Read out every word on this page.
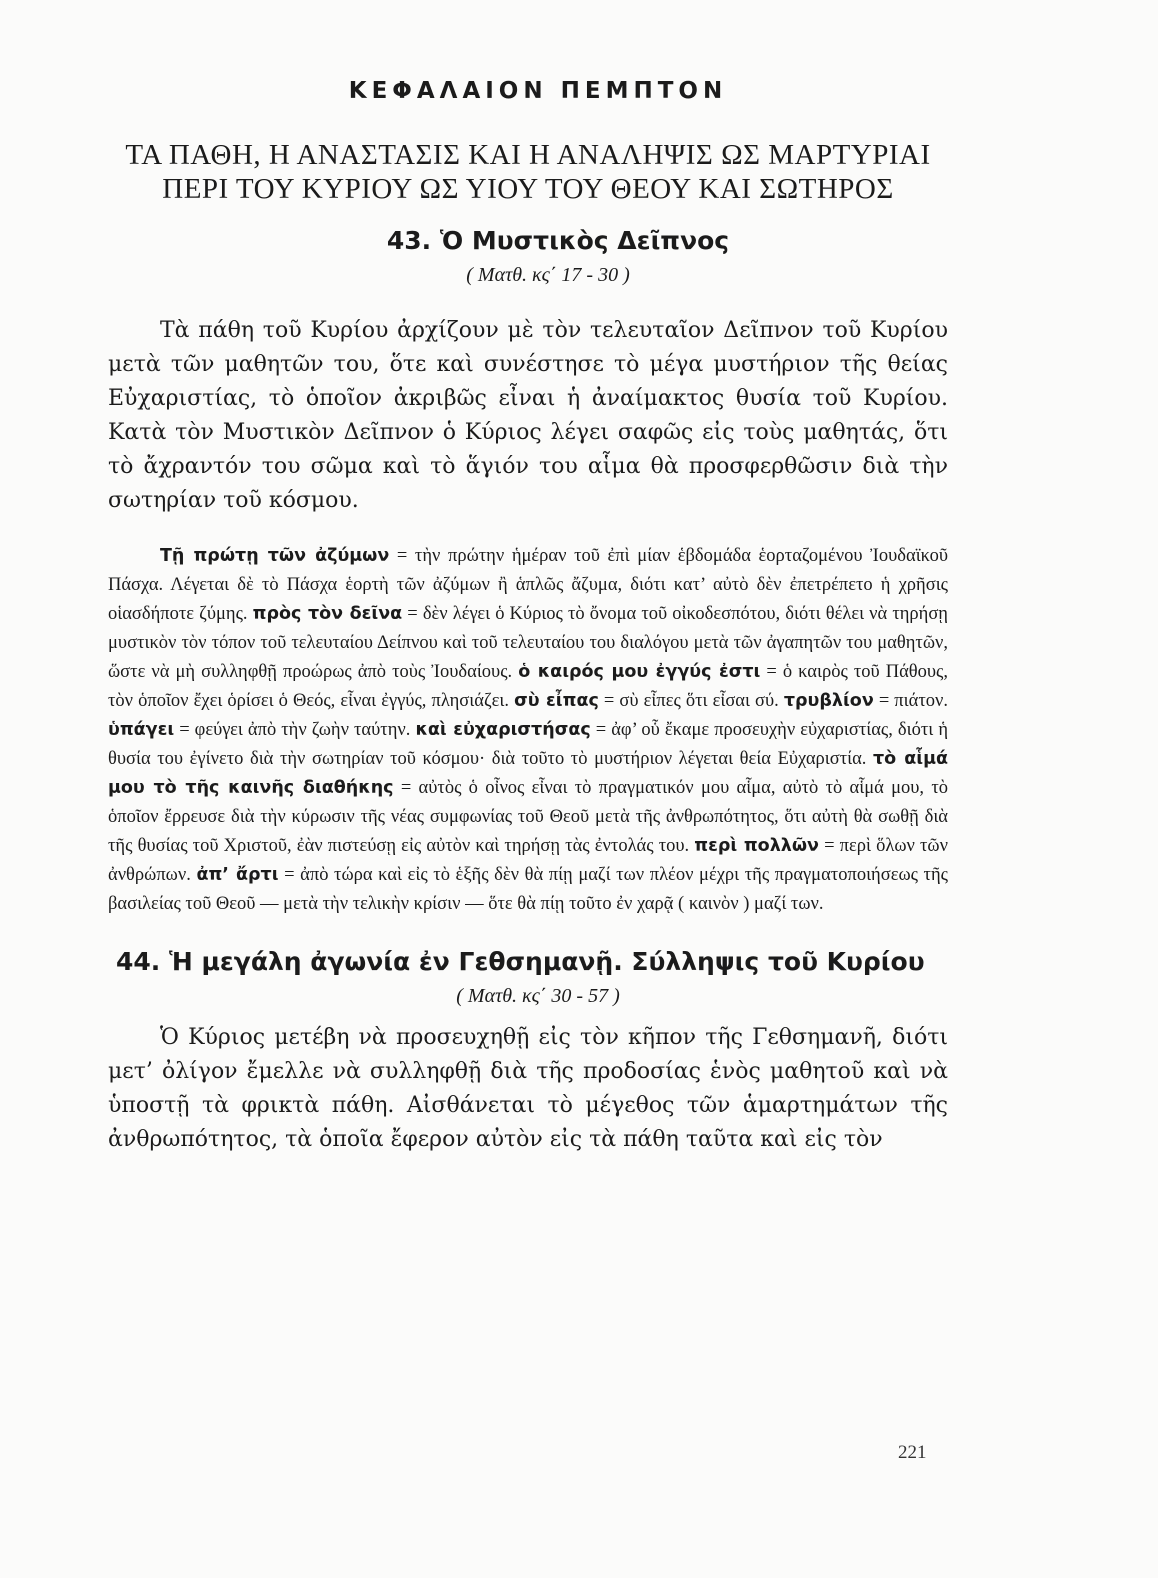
ΚΕΦΑΛΑΙΟΝ ΠΕΜΠΤΟΝ
ΤΑ ΠΑΘΗ, Η ΑΝΑΣΤΑΣΙΣ ΚΑΙ Η ΑΝΑΛΗΨΙΣ ΩΣ ΜΑΡΤΥΡΙΑΙ
ΠΕΡΙ ΤΟΥ ΚΥΡΙΟΥ ΩΣ ΥΙΟΥ ΤΟΥ ΘΕΟΥ ΚΑΙ ΣΩΤΗΡΟΣ
43. Ὁ Μυστικὸς Δεῖπνος
( Ματθ. κς΄ 17 - 30 )

Τὰ πάθη τοῦ Κυρίου ἀρχίζουν μὲ τὸν τελευταῖον Δεῖπνον τοῦ Κυρίου μετὰ τῶν μαθητῶν του, ὅτε καὶ συνέστησε τὸ μέγα μυστήριον τῆς θείας Εὐχαριστίας, τὸ ὁποῖον ἀκριβῶς εἶναι ἡ ἀναίμακτος θυσία τοῦ Κυρίου. Κατὰ τὸν Μυστικὸν Δεῖπνον ὁ Κύριος λέγει σαφῶς εἰς τοὺς μαθητάς, ὅτι τὸ ἄχραντόν του σῶμα καὶ τὸ ἅγιόν του αἷμα θὰ προσφερθῶσιν διὰ τὴν σωτηρίαν τοῦ κόσμου.

Τῇ πρώτῃ τῶν ἀζύμων = τὴν πρώτην ἡμέραν τοῦ ἐπὶ μίαν ἑβδομάδα ἑορταζομένου Ἰουδαϊκοῦ Πάσχα. Λέγεται δὲ τὸ Πάσχα ἑορτὴ τῶν ἀζύμων ἢ ἁπλῶς ἄζυμα, διότι κατ’ αὐτὸ δὲν ἐπετρέπετο ἡ χρῆσις οἱασδήποτε ζύμης. πρὸς τὸν δεῖνα = δὲν λέγει ὁ Κύριος τὸ ὄνομα τοῦ οἰκοδεσπότου, διότι θέλει νὰ τηρήσῃ μυστικὸν τὸν τόπον τοῦ τελευταίου Δείπνου καὶ τοῦ τελευταίου του διαλόγου μετὰ τῶν ἀγαπητῶν του μαθητῶν, ὥστε νὰ μὴ συλληφθῇ προώρως ἀπὸ τοὺς Ἰουδαίους. ὁ καιρός μου ἐγγύς ἐστι = ὁ καιρὸς τοῦ Πάθους, τὸν ὁποῖον ἔχει ὁρίσει ὁ Θεός, εἶναι ἐγγύς, πλησιάζει. σὺ εἶπας = σὺ εἶπες ὅτι εἶσαι σύ. τρυβλίον = πιάτον. ὑπάγει = φεύγει ἀπὸ τὴν ζωὴν ταύτην. καὶ εὐχαριστήσας = ἀφ’ οὗ ἔκαμε προσευχὴν εὐχαριστίας, διότι ἡ θυσία του ἐγίνετο διὰ τὴν σωτηρίαν τοῦ κόσμου· διὰ τοῦτο τὸ μυστήριον λέγεται θεία Εὐχαριστία. τὸ αἷμά μου τὸ τῆς καινῆς διαθήκης = αὐτὸς ὁ οἶνος εἶναι τὸ πραγματικόν μου αἷμα, αὐτὸ τὸ αἷμά μου, τὸ ὁποῖον ἔρρευσε διὰ τὴν κύρωσιν τῆς νέας συμφωνίας τοῦ Θεοῦ μετὰ τῆς ἀνθρωπότητος, ὅτι αὐτὴ θὰ σωθῇ διὰ τῆς θυσίας τοῦ Χριστοῦ, ἐὰν πιστεύσῃ εἰς αὐτὸν καὶ τηρήσῃ τὰς ἐντολάς του. περὶ πολλῶν = περὶ ὅλων τῶν ἀνθρώπων. ἀπ’ ἄρτι = ἀπὸ τώρα καὶ εἰς τὸ ἑξῆς δὲν θὰ πίῃ μαζί των πλέον μέχρι τῆς πραγματοποιήσεως τῆς βασιλείας τοῦ Θεοῦ — μετὰ τὴν τελικὴν κρίσιν — ὅτε θὰ πίῃ τοῦτο ἐν χαρᾷ ( καινὸν ) μαζί των.
44. Ἡ μεγάλη ἀγωνία ἐν Γεθσημανῇ. Σύλληψις τοῦ Κυρίου
( Ματθ. κς΄ 30 - 57 )

Ὁ Κύριος μετέβη νὰ προσευχηθῇ εἰς τὸν κῆπον τῆς Γεθσημανῆ, διότι μετ’ ὀλίγον ἔμελλε νὰ συλληφθῇ διὰ τῆς προδοσίας ἑνὸς μαθητοῦ καὶ νὰ ὑποστῇ τὰ φρικτὰ πάθη. Αἰσθάνεται τὸ μέγεθος τῶν ἁμαρτημάτων τῆς ἀνθρωπότητος, τὰ ὁποῖα ἔφερον αὐτὸν εἰς τὰ πάθη ταῦτα καὶ εἰς τὸν

221
